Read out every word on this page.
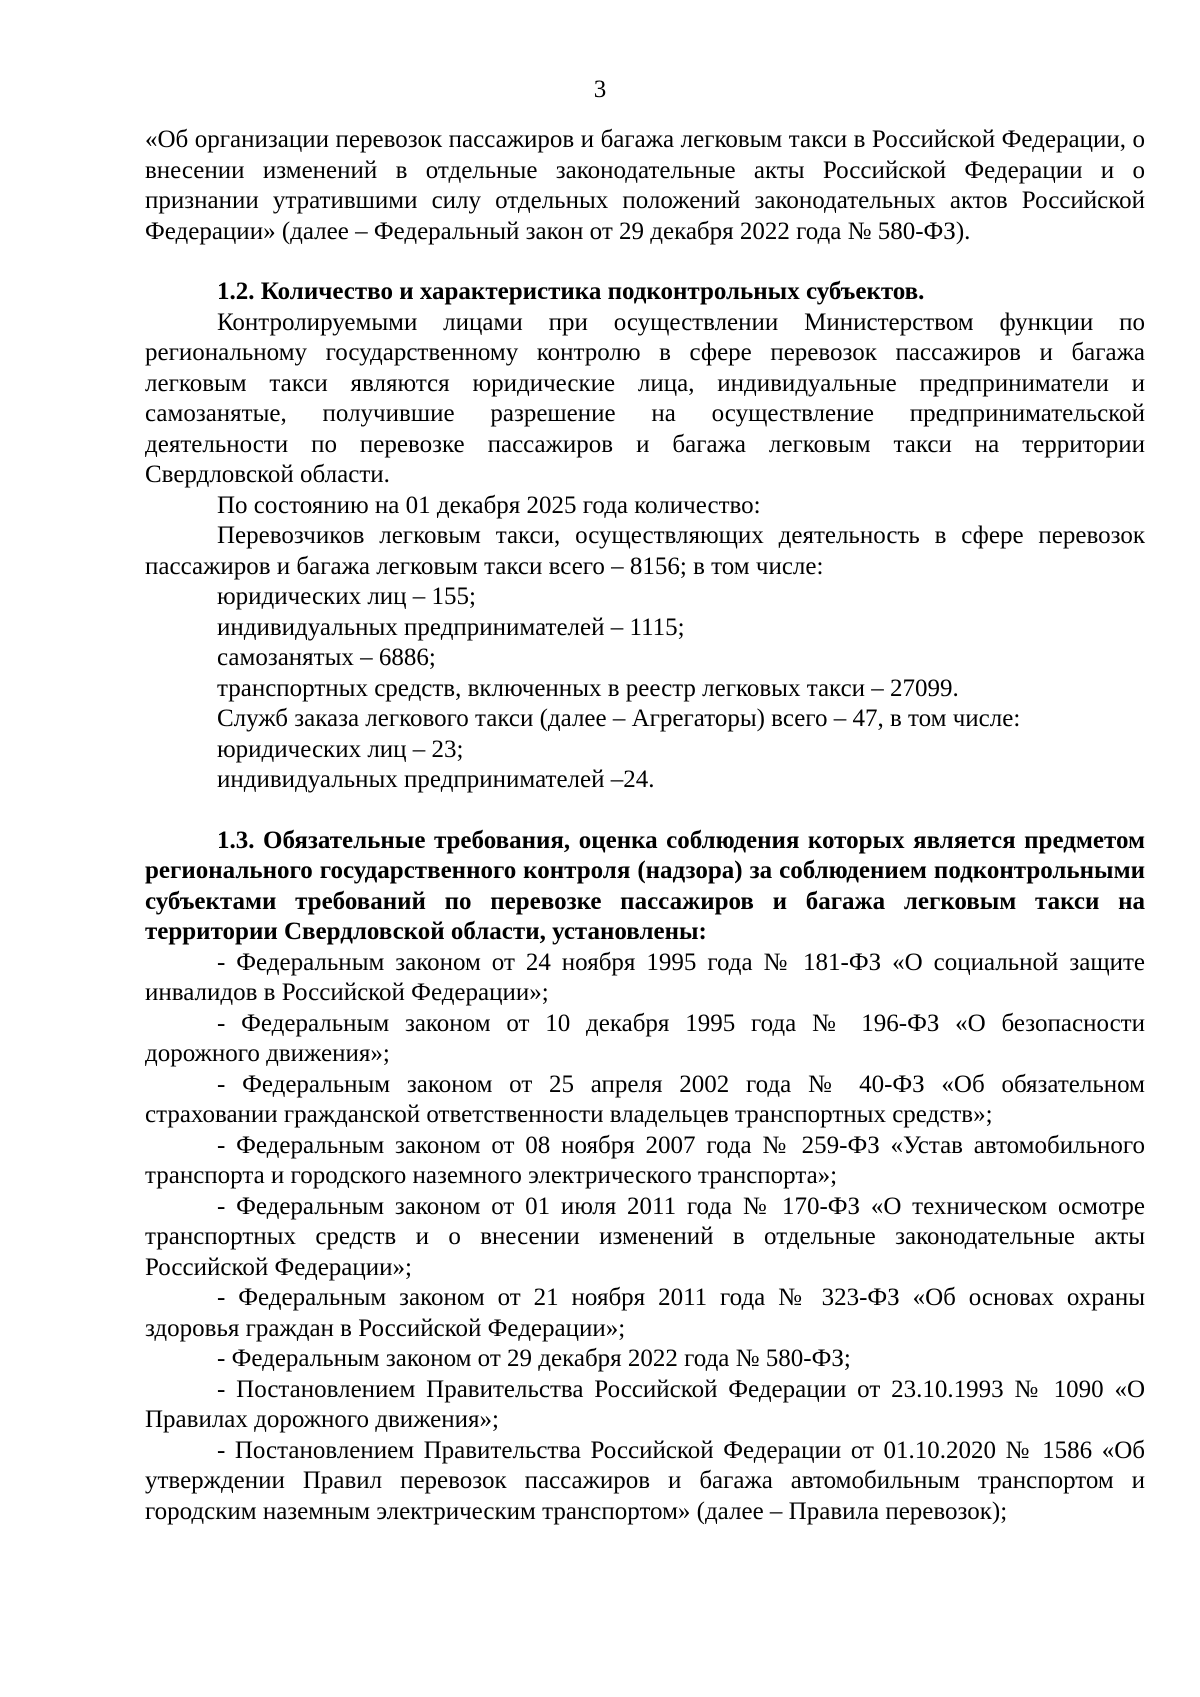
3

«Об организации перевозок пассажиров и багажа легковым такси в Российской Федерации, о внесении изменений в отдельные законодательные акты Российской Федерации и о признании утратившими силу отдельных положений законодательных актов Российской Федерации» (далее – Федеральный закон от 29 декабря 2022 года № 580-ФЗ).

1.2. Количество и характеристика подконтрольных субъектов.

Контролируемыми лицами при осуществлении Министерством функции по региональному государственному контролю в сфере перевозок пассажиров и багажа легковым такси являются юридические лица, индивидуальные предприниматели и самозанятые, получившие разрешение на осуществление предпринимательской деятельности по перевозке пассажиров и багажа легковым такси на территории Свердловской области.

По состоянию на 01 декабря 2025 года количество:

Перевозчиков легковым такси, осуществляющих деятельность в сфере перевозок пассажиров и багажа легковым такси всего – 8156; в том числе:

юридических лиц – 155;

индивидуальных предпринимателей – 1115;

самозанятых – 6886;

транспортных средств, включенных в реестр легковых такси – 27099.

Служб заказа легкового такси (далее – Агрегаторы) всего – 47, в том числе:

юридических лиц – 23;

индивидуальных предпринимателей –24.

1.3. Обязательные требования, оценка соблюдения которых является предметом регионального государственного контроля (надзора) за соблюдением подконтрольными субъектами требований по перевозке пассажиров и багажа легковым такси на территории Свердловской области, установлены:

- Федеральным законом от 24 ноября 1995 года № 181-ФЗ «О социальной защите инвалидов в Российской Федерации»;

- Федеральным законом от 10 декабря 1995 года № 196-ФЗ «О безопасности дорожного движения»;

- Федеральным законом от 25 апреля 2002 года № 40-ФЗ «Об обязательном страховании гражданской ответственности владельцев транспортных средств»;

- Федеральным законом от 08 ноября 2007 года № 259-ФЗ «Устав автомобильного транспорта и городского наземного электрического транспорта»;

- Федеральным законом от 01 июля 2011 года № 170-ФЗ «О техническом осмотре транспортных средств и о внесении изменений в отдельные законодательные акты Российской Федерации»;

- Федеральным законом от 21 ноября 2011 года № 323-ФЗ «Об основах охраны здоровья граждан в Российской Федерации»;

- Федеральным законом от 29 декабря 2022 года № 580-ФЗ;

- Постановлением Правительства Российской Федерации от 23.10.1993 № 1090 «О Правилах дорожного движения»;

- Постановлением Правительства Российской Федерации от 01.10.2020 № 1586 «Об утверждении Правил перевозок пассажиров и багажа автомобильным транспортом и городским наземным электрическим транспортом» (далее – Правила перевозок);
